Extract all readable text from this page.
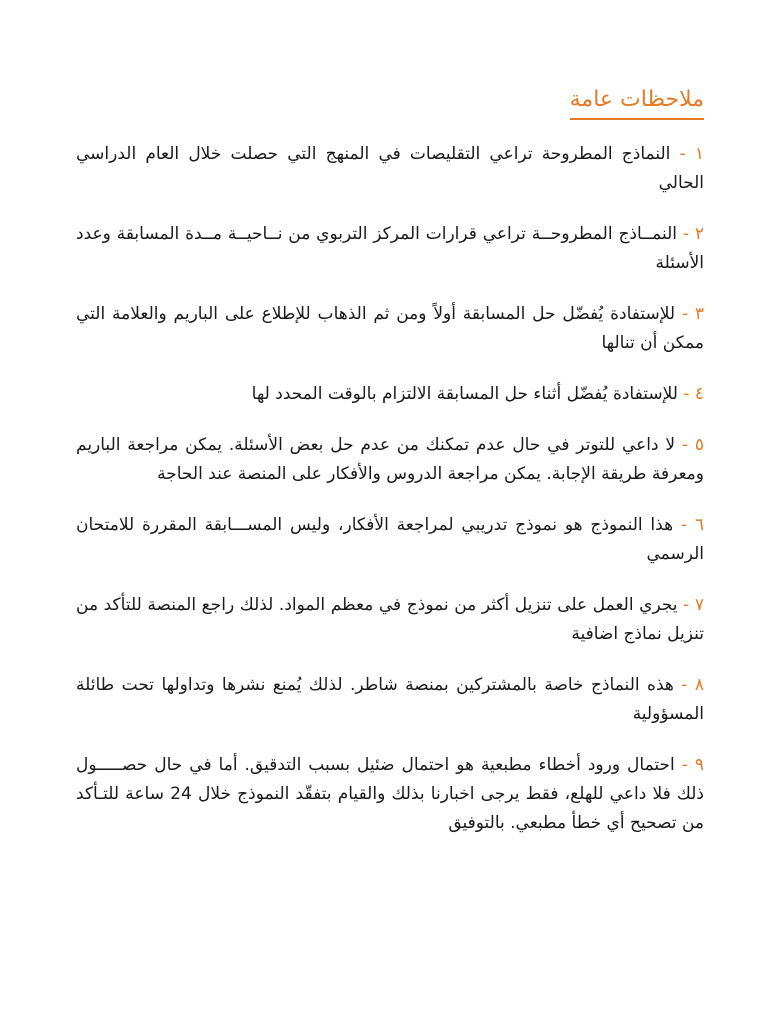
ملاحظات عامة
١ - النماذج المطروحة تراعي التقليصات في المنهج التي حصلت خلال العام الدراسي الحالي
٢ - النمــاذج المطروحــة تراعي قرارات المركز التربوي من نــاحيــة مــدة المسابقة وعدد الأسئلة
٣ - للإستفادة يُفضّل حل المسابقة أولاً ومن ثم الذهاب للإطلاع على الباريم والعلامة التي ممكن أن تنالها
٤ - للإستفادة يُفضّل أثناء حل المسابقة الالتزام بالوقت المحدد لها
٥ - لا داعي للتوتر في حال عدم تمكنك من عدم حل بعض الأسئلة. يمكن مراجعة الباريم ومعرفة طريقة الإجابة. يمكن مراجعة الدروس والأفكار على المنصة عند الحاجة
٦ - هذا النموذج هو نموذج تدريبي لمراجعة الأفكار، وليس المســـابقة المقررة للامتحان الرسمي
٧ - يجري العمل على تنزيل أكثر من نموذج في معظم المواد. لذلك راجع المنصة للتأكد من تنزيل نماذج اضافية
٨ - هذه النماذج خاصة بالمشتركين بمنصة شاطر. لذلك يُمنع نشرها وتداولها تحت طائلة المسؤولية
٩ - احتمال ورود أخطاء مطبعية هو احتمال ضئيل بسبب التدقيق. أما في حال حصـــــول ذلك فلا داعي للهلع، فقط يرجى اخبارنا بذلك والقيام بتفقّد النموذج خلال 24 ساعة للتـأكد من تصحيح أي خطأ مطبعي. بالتوفيق
